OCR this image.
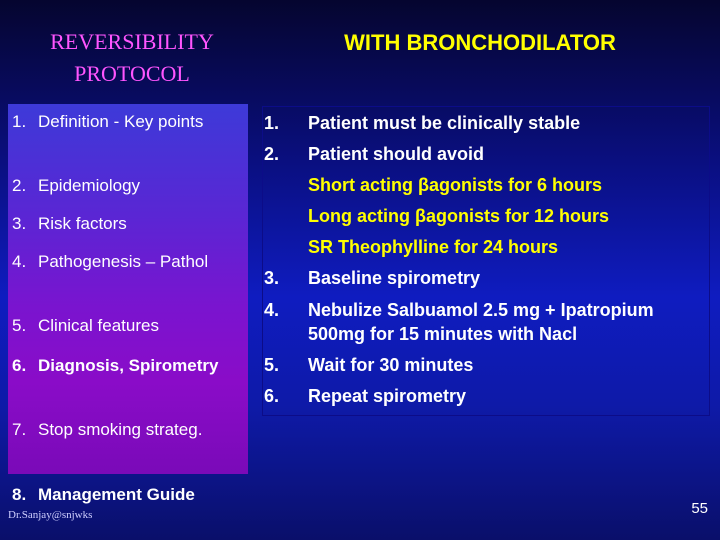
REVERSIBILITY
PROTOCOL
WITH BRONCHODILATOR
1. Definition - Key points
2. Epidemiology
3. Risk factors
4. Pathogenesis – Pathol
5. Clinical features
6. Diagnosis, Spirometry
7. Stop smoking strateg.
8. Management Guide
1.	Patient must be clinically stable
2.	Patient should avoid
Short acting βagonists for 6 hours
Long acting βagonists for 12 hours
SR Theophylline for 24 hours
3.	Baseline spirometry
4.	Nebulize Salbuamol 2.5 mg + Ipatropium 500mg for 15 minutes with Nacl
5.	Wait for 30 minutes
6.	Repeat spirometry
Dr.Sanjay@snjwks	55
